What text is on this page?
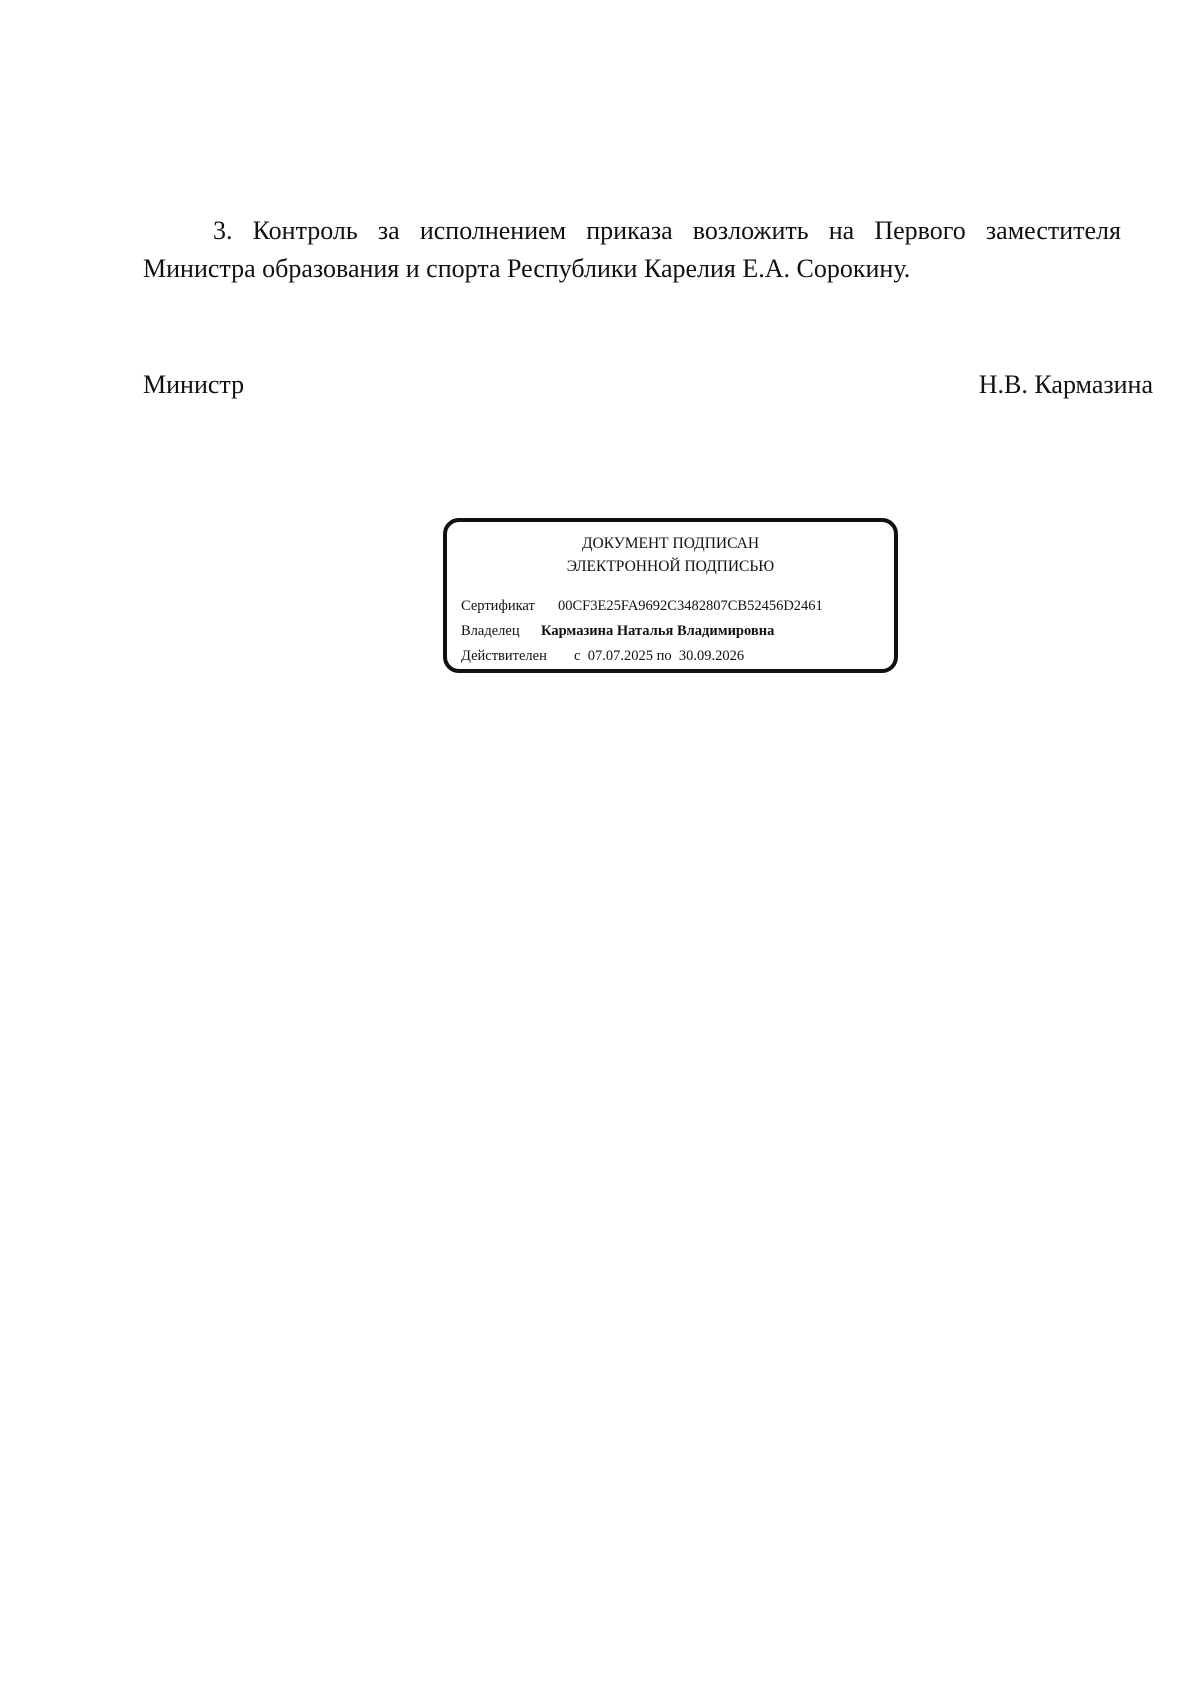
3. Контроль за исполнением приказа возложить на Первого заместителя Министра образования и спорта Республики Карелия Е.А. Сорокину.

Министр	Н.В. Кармазина
ДОКУМЕНТ ПОДПИСАН
ЭЛЕКТРОННОЙ ПОДПИСЬЮ
Сертификат 00CF3E25FA9692C3482807CB52456D2461
Владелец Кармазина Наталья Владимировна
Действителен с 07.07.2025 по 30.09.2026
